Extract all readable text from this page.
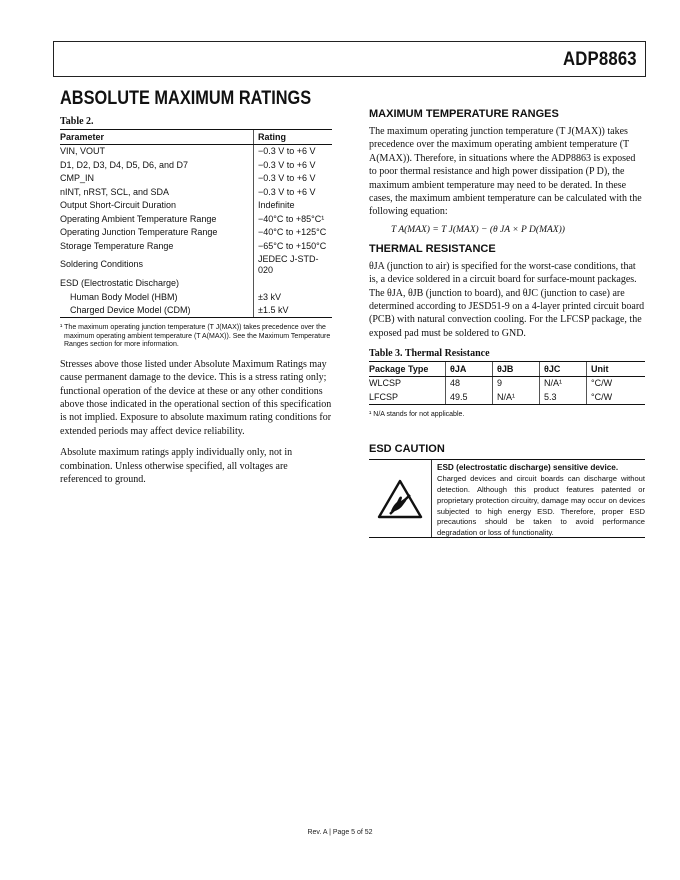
ADP8863
ABSOLUTE MAXIMUM RATINGS
Table 2.
Parameter	Rating
VIN, VOUT	−0.3 V to +6 V
D1, D2, D3, D4, D5, D6, and D7	−0.3 V to +6 V
CMP_IN	−0.3 V to +6 V
nINT, nRST, SCL, and SDA	−0.3 V to +6 V
Output Short-Circuit Duration	Indefinite
Operating Ambient Temperature Range	−40°C to +85°C¹
Operating Junction Temperature Range	−40°C to +125°C
Storage Temperature Range	−65°C to +150°C
Soldering Conditions	JEDEC J-STD-020
ESD (Electrostatic Discharge)	
Human Body Model (HBM)	±3 kV
Charged Device Model (CDM)	±1.5 kV
¹ The maximum operating junction temperature (T J(MAX)) takes precedence over the maximum operating ambient temperature (T A(MAX)). See the Maximum Temperature Ranges section for more information.

Stresses above those listed under Absolute Maximum Ratings may cause permanent damage to the device. This is a stress rating only; functional operation of the device at these or any other conditions above those indicated in the operational section of this specification is not implied. Exposure to absolute maximum rating conditions for extended periods may affect device reliability.

Absolute maximum ratings apply individually only, not in combination. Unless otherwise specified, all voltages are referenced to ground.

MAXIMUM TEMPERATURE RANGES

The maximum operating junction temperature (T J(MAX)) takes precedence over the maximum operating ambient temperature (T A(MAX)). Therefore, in situations where the ADP8863 is exposed to poor thermal resistance and high power dissipation (P D), the maximum ambient temperature may need to be derated. In these cases, the maximum ambient temperature can be calculated with the following equation:

T A(MAX) = T J(MAX) − (θ JA × P D(MAX))
THERMAL RESISTANCE

θJA (junction to air) is specified for the worst-case conditions, that is, a device soldered in a circuit board for surface-mount packages. The θJA, θJB (junction to board), and θJC (junction to case) are determined according to JESD51-9 on a 4-layer printed circuit board (PCB) with natural convection cooling. For the LFCSP package, the exposed pad must be soldered to GND.

Table 3. Thermal Resistance
Package Type	θJA	θJB	θJC	Unit
WLCSP	48	9	N/A¹	°C/W
LFCSP	49.5	N/A¹	5.3	°C/W
¹ N/A stands for not applicable.
ESD CAUTION
ESD (electrostatic discharge) sensitive device.
Charged devices and circuit boards can discharge without detection. Although this product features patented or proprietary protection circuitry, damage may occur on devices subjected to high energy ESD. Therefore, proper ESD precautions should be taken to avoid performance degradation or loss of functionality.
Rev. A | Page 5 of 52
